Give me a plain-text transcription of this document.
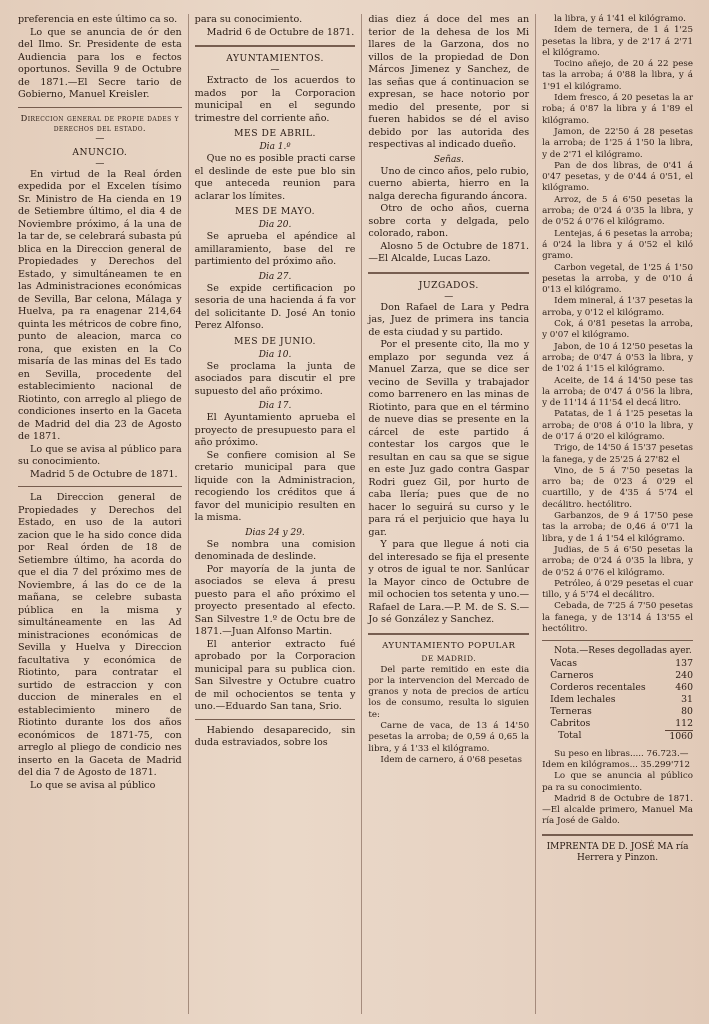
preferencia en este último ca so.

Lo que se anuncia de ór den del Ilmo. Sr. Presidente de esta Audiencia para los e fectos oportunos. Sevilla 9 de Octubre de 1871.—El Secre tario de Gobierno, Manuel Kreisler.

Direccion general de propie dades y derechos del estado.
—
ANUNCIO.
—

En virtud de la Real órden expedida por el Excelen tísimo Sr. Ministro de Ha cienda en 19 de Setiembre último, el dia 4 de Noviembre próximo, á la una de la tar de, se celebrará subasta pú blica en la Direccion general de Propiedades y Derechos del Estado, y simultáneamen te en las Administraciones económicas de Sevilla, Bar celona, Málaga y Huelva, pa ra enagenar 214,64 quinta les métricos de cobre fino, punto de aleacion, marca co rona, que existen en la Co misaría de las minas del Es tado en Sevilla, procedente del establecimiento nacional de Riotinto, con arreglo al pliego de condiciones inserto en la Gaceta de Madrid del dia 23 de Agosto de 1871.

Lo que se avisa al público para su conocimiento.

Madrid 5 de Octubre de 1871.

La Direccion general de Propiedades y Derechos del Estado, en uso de la autori zacion que le ha sido conce dida por Real órden de 18 de Setiembre último, ha acorda do que el dia 7 del próximo mes de Noviembre, á las do ce de la mañana, se celebre subasta pública en la misma y simultáneamente en las Ad ministraciones económicas de Sevilla y Huelva y Direccion facultativa y económica de Riotinto, para contratar el surtido de estraccion y con duccion de minerales en el establecimiento minero de Riotinto durante los dos años económicos de 1871-75, con arreglo al pliego de condicio nes inserto en la Gaceta de Madrid del dia 7 de Agosto de 1871.

Lo que se avisa al público

para su conocimiento.

Madrid 6 de Octubre de 1871.

AYUNTAMIENTOS.
—

Extracto de los acuerdos to mados por la Corporacion municipal en el segundo trimestre del corriente año.

MES DE ABRIL.
Dia 1.º

Que no es posible practi carse el deslinde de este pue blo sin que anteceda reunion para aclarar los límites.

MES DE MAYO.
Dia 20.

Se aprueba el apéndice al amillaramiento, base del re partimiento del próximo año.

Dia 27.

Se expide certificacion po sesoria de una hacienda á fa vor del solicitante D. José An tonio Perez Alfonso.

MES DE JUNIO.
Dia 10.

Se proclama la junta de asociados para discutir el pre supuesto del año próximo.

Dia 17.

El Ayuntamiento aprueba el proyecto de presupuesto para el año próximo.

Se confiere comision al Se cretario municipal para que liquide con la Administracion, recogiendo los créditos que á favor del municipio resulten en la misma.

Dias 24 y 29.

Se nombra una comision denominada de deslinde.

Por mayoría de la junta de asociados se eleva á presu puesto para el año próximo el proyecto presentado al efecto. San Silvestre 1.º de Octu bre de 1871.—Juan Alfonso Martin.

El anterior extracto fué aprobado por la Corporacion municipal para su publica cion. San Silvestre y Octubre cuatro de mil ochocientos se tenta y uno.—Eduardo San tana, Srio.

Habiendo desaparecido, sin duda estraviados, sobre los

dias diez á doce del mes an terior de la dehesa de los Mi llares de la Garzona, dos no villos de la propiedad de Don Márcos Jimenez y Sanchez, de las señas que á continuacion se expresan, se hace notorio por medio del presente, por si fueren habidos se dé el aviso debido por las autorida des respectivas al indicado dueño.

Señas.

Uno de cinco años, pelo rubio, cuerno abierta, hierro en la nalga derecha figurando áncora.

Otro de ocho años, cuerna sobre corta y delgada, pelo colorado, rabon.

Alosno 5 de Octubre de 1871.—El Alcalde, Lucas Lazo.

JUZGADOS.
—

Don Rafael de Lara y Pedra jas, Juez de primera ins tancia de esta ciudad y su partido.

Por el presente cito, lla mo y emplazo por segunda vez á Manuel Zarza, que se dice ser vecino de Sevilla y trabajador como barrenero en las minas de Riotinto, para que en el término de nueve dias se presente en la cárcel de este partido á contestar los cargos que le resultan en cau sa que se sigue en este Juz gado contra Gaspar Rodri guez Gil, por hurto de caba llería; pues que de no hacer lo seguirá su curso y le para rá el perjuicio que haya lu gar.

Y para que llegue á noti cia del interesado se fija el presente y otros de igual te nor. Sanlúcar la Mayor cinco de Octubre de mil ochocien tos setenta y uno.—Rafael de Lara.—P. M. de S. S.—Jo sé González y Sanchez.

AYUNTAMIENTO POPULAR
DE MADRID.

Del parte remitido en este dia por la intervencion del Mercado de granos y nota de precios de artícu los de consumo, resulta lo siguien te:

Carne de vaca, de 13 á 14'50 pesetas la arroba; de 0,59 á 0,65 la libra, y á 1'33 el kilógramo.

Idem de carnero, á 0'68 pesetas

la libra, y á 1'41 el kilógramo.

Idem de ternera, de 1 á 1'25 pesetas la libra, y de 2'17 á 2'71 el kilógramo.

Tocino añejo, de 20 á 22 pese tas la arroba; á 0'88 la libra, y á 1'91 el kilógramo.

Idem fresco, á 20 pesetas la ar roba; á 0'87 la libra y á 1'89 el kilógramo.

Jamon, de 22'50 á 28 pesetas la arroba; de 1'25 á 1'50 la libra, y de 2'71 el kilógramo.

Pan de dos libras, de 0'41 á 0'47 pesetas, y de 0'44 á 0'51, el kilógramo.

Arroz, de 5 á 6'50 pesetas la arroba; de 0'24 á 0'35 la libra, y de 0'52 á 0'76 el kilógramo.

Lentejas, á 6 pesetas la arroba; á 0'24 la libra y á 0'52 el kiló gramo.

Carbon vegetal, de 1'25 á 1'50 pesetas la arroba, y de 0'10 á 0'13 el kilógramo.

Idem mineral, á 1'37 pesetas la arroba, y 0'12 el kilógramo.

Cok, á 0'81 pesetas la arroba, y 0'07 el kilógramo.

Jabon, de 10 á 12'50 pesetas la arroba; de 0'47 á 0'53 la libra, y de 1'02 á 1'15 el kilógramo.

Aceite, de 14 á 14'50 pese tas la arroba; de 0'47 á 0'56 la libra, y de 11'14 á 11'54 el decá litro.

Patatas, de 1 á 1'25 pesetas la arroba; de 0'08 á 0'10 la libra, y de 0'17 á 0'20 el kilógramo.

Trigo, de 14'50 á 15'37 pesetas la fanega, y de 25'25 á 27'82 el

Vino, de 5 á 7'50 pesetas la arro ba; de 0'23 á 0'29 el cuartillo, y de 4'35 á 5'74 el decálitro. hectólitro.

Garbanzos, de 9 á 17'50 pese tas la arroba; de 0,46 á 0'71 la libra, y de 1 á 1'54 el kilógramo.

Judias, de 5 á 6'50 pesetas la arroba; de 0'24 á 0'35 la libra, y de 0'52 á 0'76 el kilógramo.

Petróleo, á 0'29 pesetas el cuar tillo, y á 5'74 el decálitro.

Cebada, de 7'25 á 7'50 pesetas la fanega, y de 13'14 á 13'55 el hectólitro.

Nota.—Reses degolladas ayer.

Vacas	137
Carneros	240
Corderos recentales	460
Idem lechales	31
Terneras	80
Cabritos	112
Total	1060

Su peso en libras..... 76.723.—

Idem en kilógramos... 35.299'712

Lo que se anuncia al público pa ra su conocimiento.

Madrid 8 de Octubre de 1871. —El alcalde primero, Manuel Ma ría José de Galdo.

IMPRENTA DE D. JOSÉ MA ría Herrera y Pinzon.
